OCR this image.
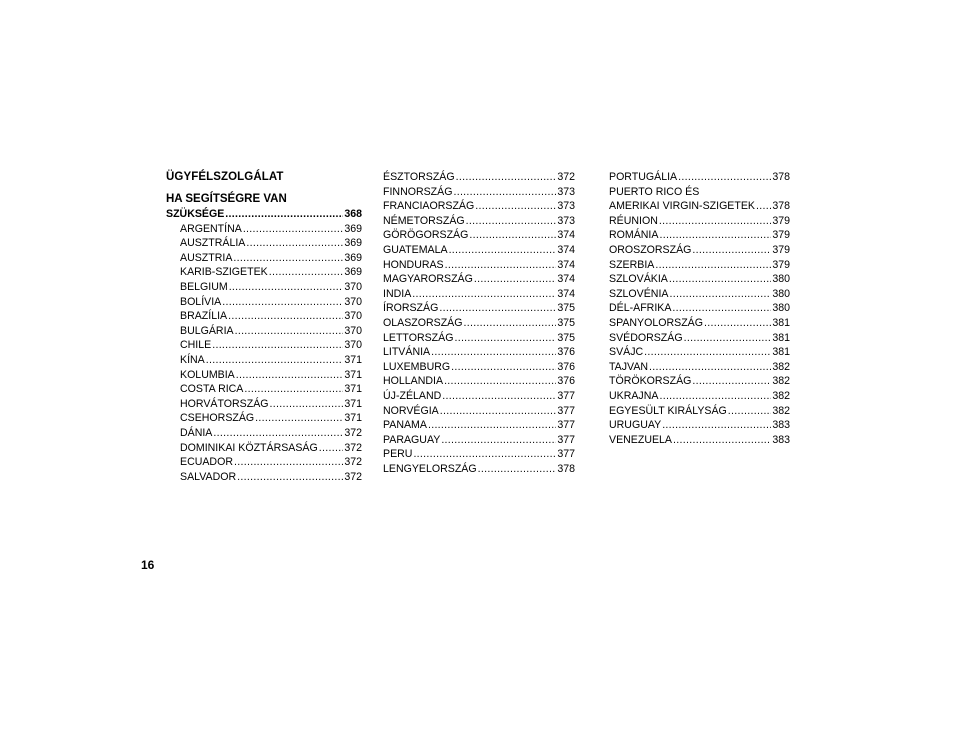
ÜGYFÉLSZOLGÁLAT
HA SEGÍTSÉGRE VAN
SZÜKSÉGE .....	368
ARGENTÍNA .....	369
AUSZTRÁLIA .....	369
AUSZTRIA .....	369
KARIB-SZIGETEK .....	369
BELGIUM .....	370
BOLÍVIA .....	370
BRAZÍLIA .....	370
BULGÁRIA .....	370
CHILE .....	370
KÍNA .....	371
KOLUMBIA .....	371
COSTA RICA .....	371
HORVÁTORSZÁG .....	371
CSEHORSZÁG .....	371
DÁNIA .....	372
DOMINIKAI KÖZTÁRSASÁG .....	372
ECUADOR .....	372
SALVADOR .....	372
ÉSZTORSZÁG .....	372
FINNORSZÁG .....	373
FRANCIAORSZÁG .....	373
NÉMETORSZÁG .....	373
GÖRÖGORSZÁG .....	374
GUATEMALA .....	374
HONDURAS .....	374
MAGYARORSZÁG .....	374
INDIA .....	374
ÍRORSZÁG .....	375
OLASZORSZÁG .....	375
LETTORSZÁG .....	375
LITVÁNIA .....	376
LUXEMBURG .....	376
HOLLANDIA .....	376
ÚJ-ZÉLAND .....	377
NORVÉGIA .....	377
PANAMA .....	377
PARAGUAY .....	377
PERU .....	377
LENGYELORSZÁG .....	378
PORTUGÁLIA .....	378
PUERTO RICO ÉS
AMERIKAI VIRGIN-SZIGETEK ..... 378
RÉUNION .....	379
ROMÁNIA .....	379
OROSZORSZÁG .....	379
SZERBIA .....	379
SZLOVÁKIA .....	380
SZLOVÉNIA .....	380
DÉL-AFRIKA .....	380
SPANYOLORSZÁG .....	381
SVÉDORSZÁG .....	381
SVÁJC .....	381
TAJVAN .....	382
TÖRÖKORSZÁG .....	382
UKRAJNA .....	382
EGYESÜLT KIRÁLYSÁG .....	382
URUGUAY .....	383
VENEZUELA .....	383
16
